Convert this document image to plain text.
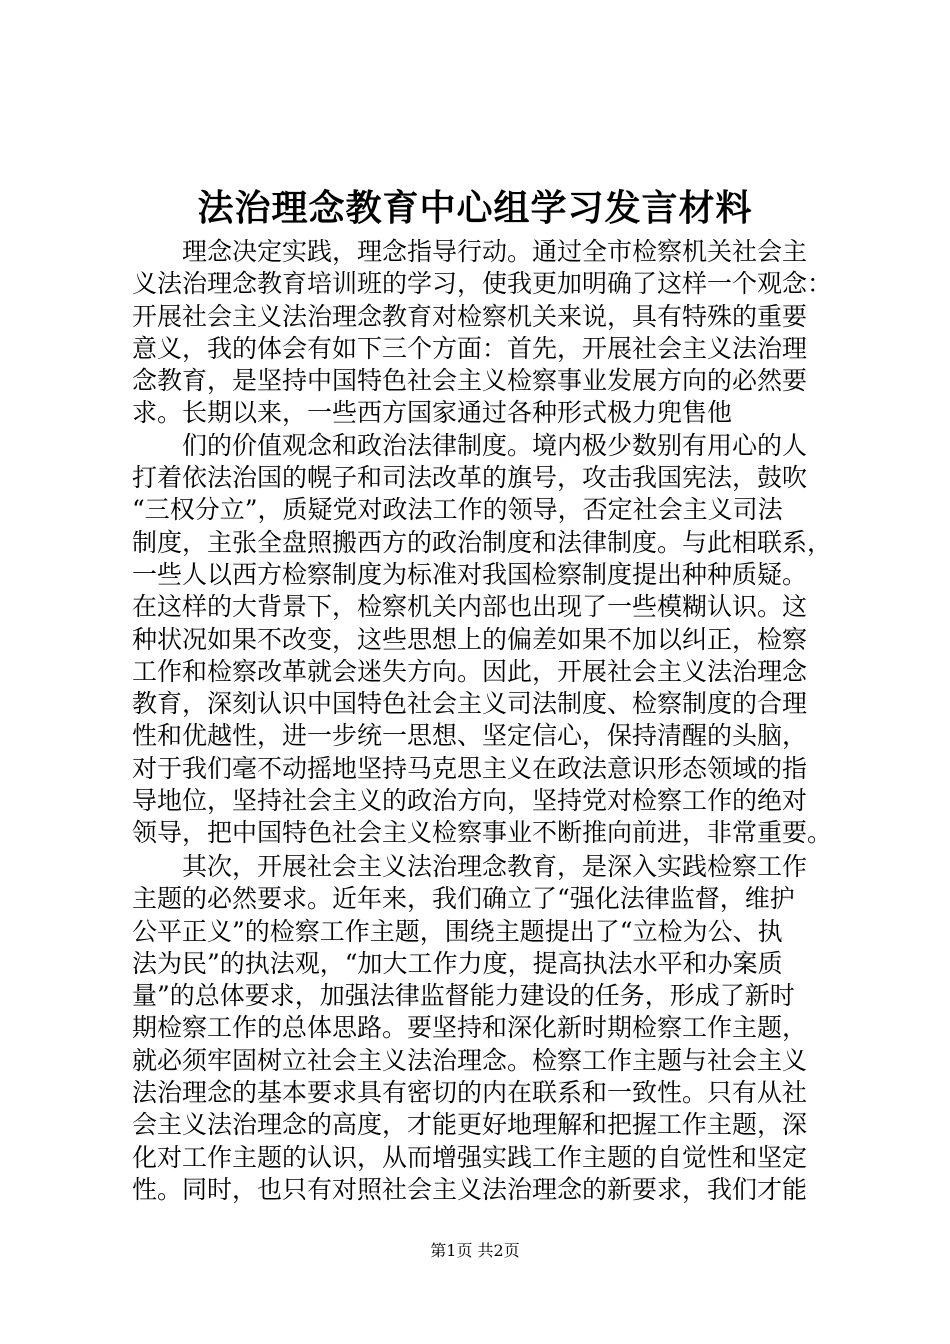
法治理念教育中心组学习发言材料
理念决定实践，理念指导行动。通过全市检察机关社会主
义法治理念教育培训班的学习，使我更加明确了这样一个观念：
开展社会主义法治理念教育对检察机关来说，具有特殊的重要
意义，我的体会有如下三个方面：首先，开展社会主义法治理
念教育，是坚持中国特色社会主义检察事业发展方向的必然要
求。长期以来，一些西方国家通过各种形式极力兜售他
们的价值观念和政治法律制度。境内极少数别有用心的人
打着依法治国的幌子和司法改革的旗号，攻击我国宪法，鼓吹
“三权分立”，质疑党对政法工作的领导，否定社会主义司法
制度，主张全盘照搬西方的政治制度和法律制度。与此相联系，
一些人以西方检察制度为标准对我国检察制度提出种种质疑。
在这样的大背景下，检察机关内部也出现了一些模糊认识。这
种状况如果不改变，这些思想上的偏差如果不加以纠正，检察
工作和检察改革就会迷失方向。因此，开展社会主义法治理念
教育，深刻认识中国特色社会主义司法制度、检察制度的合理
性和优越性，进一步统一思想、坚定信心，保持清醒的头脑，
对于我们毫不动摇地坚持马克思主义在政法意识形态领域的指
导地位，坚持社会主义的政治方向，坚持党对检察工作的绝对
领导，把中国特色社会主义检察事业不断推向前进，非常重要。
其次，开展社会主义法治理念教育，是深入实践检察工作
主题的必然要求。近年来，我们确立了“强化法律监督，维护
公平正义”的检察工作主题，围绕主题提出了“立检为公、执
法为民”的执法观，“加大工作力度，提高执法水平和办案质
量”的总体要求，加强法律监督能力建设的任务，形成了新时
期检察工作的总体思路。要坚持和深化新时期检察工作主题，
就必须牢固树立社会主义法治理念。检察工作主题与社会主义
法治理念的基本要求具有密切的内在联系和一致性。只有从社
会主义法治理念的高度，才能更好地理解和把握工作主题，深
化对工作主题的认识，从而增强实践工作主题的自觉性和坚定
性。同时，也只有对照社会主义法治理念的新要求，我们才能
第1页 共2页
